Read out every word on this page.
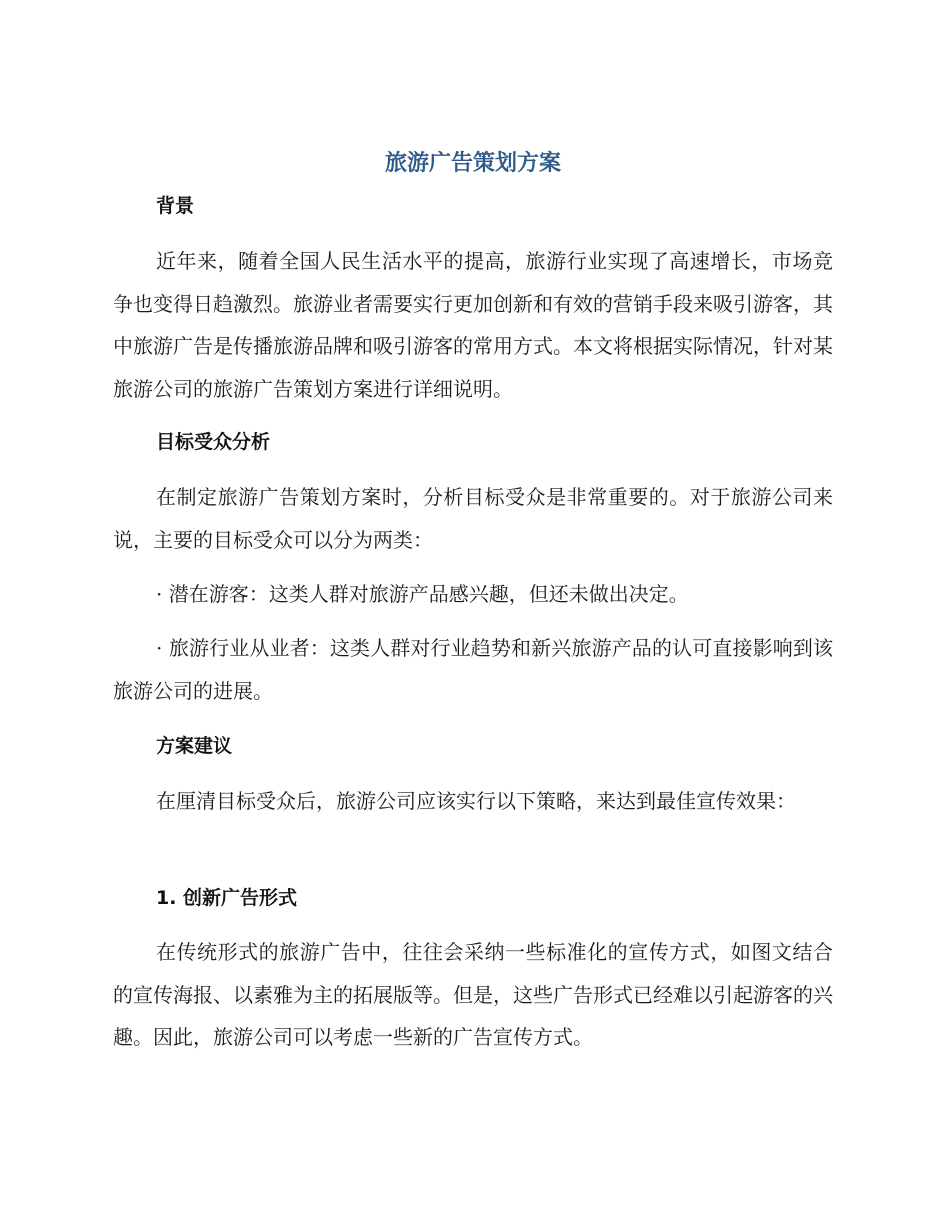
旅游广告策划方案
背景

近年来，随着全国人民生活水平的提高，旅游行业实现了高速增长，市场竞争也变得日趋激烈。旅游业者需要实行更加创新和有效的营销手段来吸引游客，其中旅游广告是传播旅游品牌和吸引游客的常用方式。本文将根据实际情况，针对某旅游公司的旅游广告策划方案进行详细说明。

目标受众分析

在制定旅游广告策划方案时，分析目标受众是非常重要的。对于旅游公司来说，主要的目标受众可以分为两类：

· 潜在游客：这类人群对旅游产品感兴趣，但还未做出决定。

· 旅游行业从业者：这类人群对行业趋势和新兴旅游产品的认可直接影响到该旅游公司的进展。

方案建议

在厘清目标受众后，旅游公司应该实行以下策略，来达到最佳宣传效果：

1. 创新广告形式

在传统形式的旅游广告中，往往会采纳一些标准化的宣传方式，如图文结合的宣传海报、以素雅为主的拓展版等。但是，这些广告形式已经难以引起游客的兴趣。因此，旅游公司可以考虑一些新的广告宣传方式。
